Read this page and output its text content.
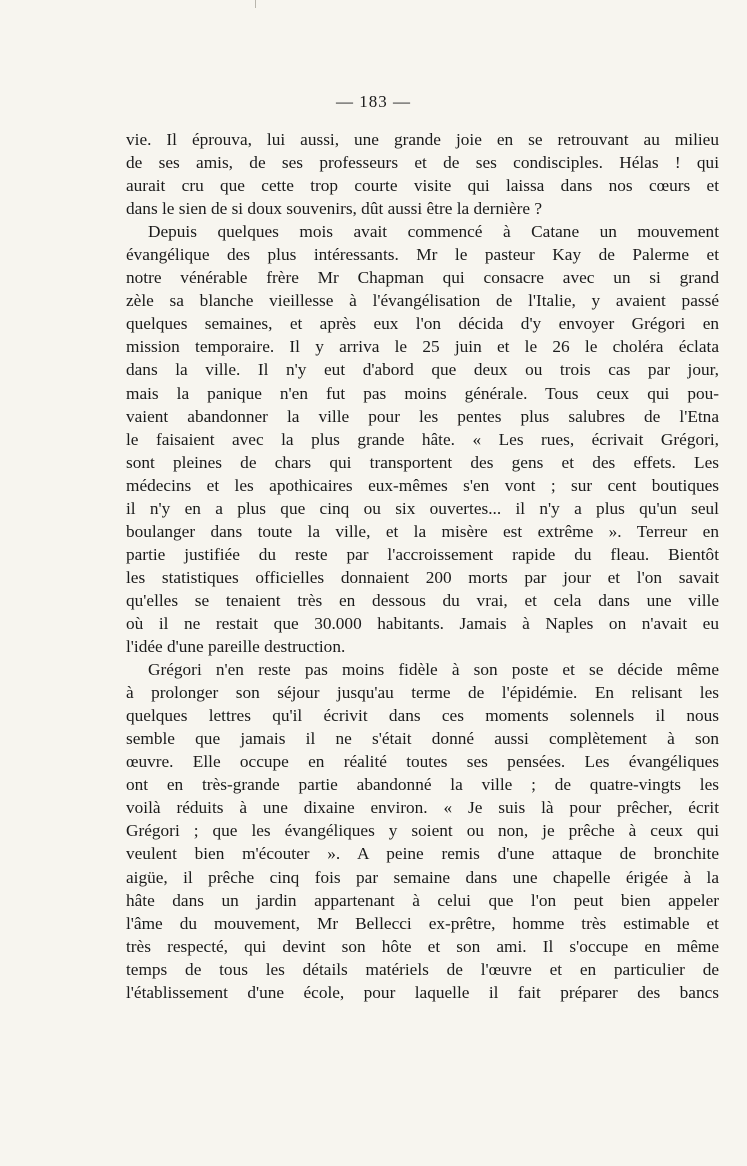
— 183 —
vie. Il éprouva, lui aussi, une grande joie en se retrouvant au milieu
de ses amis, de ses professeurs et de ses condisciples. Hélas ! qui
aurait cru que cette trop courte visite qui laissa dans nos cœurs et
dans le sien de si doux souvenirs, dût aussi être la dernière ?
Depuis quelques mois avait commencé à Catane un mouvement
évangélique des plus intéressants. Mr le pasteur Kay de Palerme et
notre vénérable frère Mr Chapman qui consacre avec un si grand
zèle sa blanche vieillesse à l'évangélisation de l'Italie, y avaient passé
quelques semaines, et après eux l'on décida d'y envoyer Grégori en
mission temporaire. Il y arriva le 25 juin et le 26 le choléra éclata
dans la ville. Il n'y eut d'abord que deux ou trois cas par jour,
mais la panique n'en fut pas moins générale. Tous ceux qui pou-
vaient abandonner la ville pour les pentes plus salubres de l'Etna
le faisaient avec la plus grande hâte. « Les rues, écrivait Grégori,
sont pleines de chars qui transportent des gens et des effets. Les
médecins et les apothicaires eux-mêmes s'en vont ; sur cent boutiques
il n'y en a plus que cinq ou six ouvertes... il n'y a plus qu'un seul
boulanger dans toute la ville, et la misère est extrême ». Terreur en
partie justifiée du reste par l'accroissement rapide du fleau. Bientôt
les statistiques officielles donnaient 200 morts par jour et l'on savait
qu'elles se tenaient très en dessous du vrai, et cela dans une ville
où il ne restait que 30.000 habitants. Jamais à Naples on n'avait eu
l'idée d'une pareille destruction.
Grégori n'en reste pas moins fidèle à son poste et se décide même
à prolonger son séjour jusqu'au terme de l'épidémie. En relisant les
quelques lettres qu'il écrivit dans ces moments solennels il nous
semble que jamais il ne s'était donné aussi complètement à son
œuvre. Elle occupe en réalité toutes ses pensées. Les évangéliques
ont en très-grande partie abandonné la ville ; de quatre-vingts les
voilà réduits à une dixaine environ. « Je suis là pour prêcher, écrit
Grégori ; que les évangéliques y soient ou non, je prêche à ceux qui
veulent bien m'écouter ». A peine remis d'une attaque de bronchite
aigüe, il prêche cinq fois par semaine dans une chapelle érigée à la
hâte dans un jardin appartenant à celui que l'on peut bien appeler
l'âme du mouvement, Mr Bellecci ex-prêtre, homme très estimable et
très respecté, qui devint son hôte et son ami. Il s'occupe en même
temps de tous les détails matériels de l'œuvre et en particulier de
l'établissement d'une école, pour laquelle il fait préparer des bancs
